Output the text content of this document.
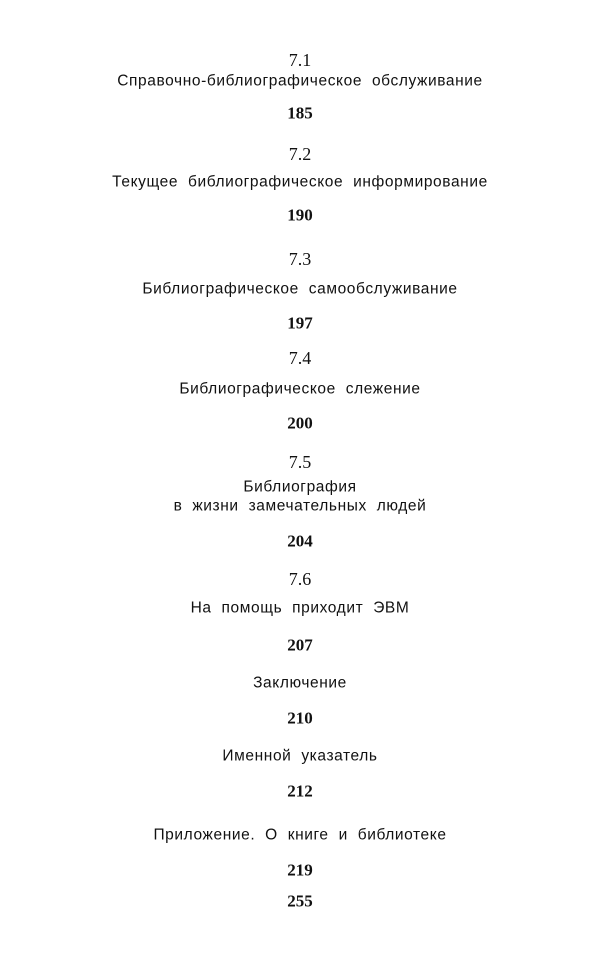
7.1
Справочно-библиографическое обслуживание
185
7.2
Текущее библиографическое информирование
190
7.3
Библиографическое самообслуживание
197
7.4
Библиографическое слежение
200
7.5
Библиография
в жизни замечательных людей
204
7.6
На помощь приходит ЭВМ
207
Заключение
210
Именной указатель
212
Приложение. О книге и библиотеке
219
255
